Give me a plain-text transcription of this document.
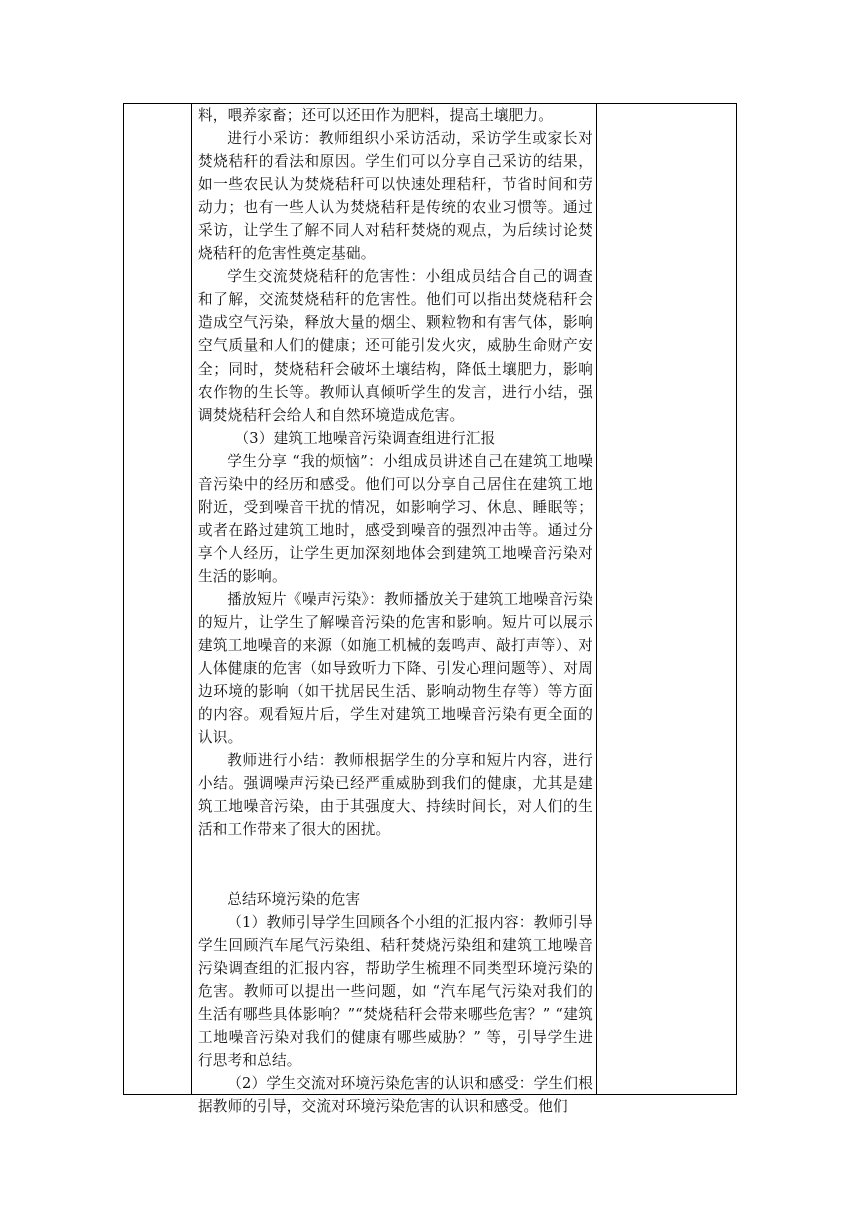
料，喂养家畜；还可以还田作为肥料，提高土壤肥力。

进行小采访：教师组织小采访活动，采访学生或家长对焚烧秸秆的看法和原因。学生们可以分享自己采访的结果，如一些农民认为焚烧秸秆可以快速处理秸秆，节省时间和劳动力；也有一些人认为焚烧秸秆是传统的农业习惯等。通过采访，让学生了解不同人对秸秆焚烧的观点，为后续讨论焚烧秸秆的危害性奠定基础。

学生交流焚烧秸秆的危害性：小组成员结合自己的调查和了解，交流焚烧秸秆的危害性。他们可以指出焚烧秸秆会造成空气污染，释放大量的烟尘、颗粒物和有害气体，影响空气质量和人们的健康；还可能引发火灾，威胁生命财产安全；同时，焚烧秸秆会破坏土壤结构，降低土壤肥力，影响农作物的生长等。教师认真倾听学生的发言，进行小结，强调焚烧秸秆会给人和自然环境造成危害。

（3）建筑工地噪音污染调查组进行汇报

学生分享 “我的烦恼”：小组成员讲述自己在建筑工地噪音污染中的经历和感受。他们可以分享自己居住在建筑工地附近，受到噪音干扰的情况，如影响学习、休息、睡眠等；或者在路过建筑工地时，感受到噪音的强烈冲击等。通过分享个人经历，让学生更加深刻地体会到建筑工地噪音污染对生活的影响。

播放短片《噪声污染》：教师播放关于建筑工地噪音污染的短片，让学生了解噪音污染的危害和影响。短片可以展示建筑工地噪音的来源（如施工机械的轰鸣声、敲打声等）、对人体健康的危害（如导致听力下降、引发心理问题等）、对周边环境的影响（如干扰居民生活、影响动物生存等）等方面的内容。观看短片后，学生对建筑工地噪音污染有更全面的认识。

教师进行小结：教师根据学生的分享和短片内容，进行小结。强调噪声污染已经严重威胁到我们的健康，尤其是建筑工地噪音污染，由于其强度大、持续时间长，对人们的生活和工作带来了很大的困扰。

总结环境污染的危害

（1）教师引导学生回顾各个小组的汇报内容：教师引导学生回顾汽车尾气污染组、秸秆焚烧污染组和建筑工地噪音污染调查组的汇报内容，帮助学生梳理不同类型环境污染的危害。教师可以提出一些问题，如 “汽车尾气污染对我们的生活有哪些具体影响？”“焚烧秸秆会带来哪些危害？” “建筑工地噪音污染对我们的健康有哪些威胁？” 等，引导学生进行思考和总结。

（2）学生交流对环境污染危害的认识和感受：学生们根据教师的引导，交流对环境污染危害的认识和感受。他们
